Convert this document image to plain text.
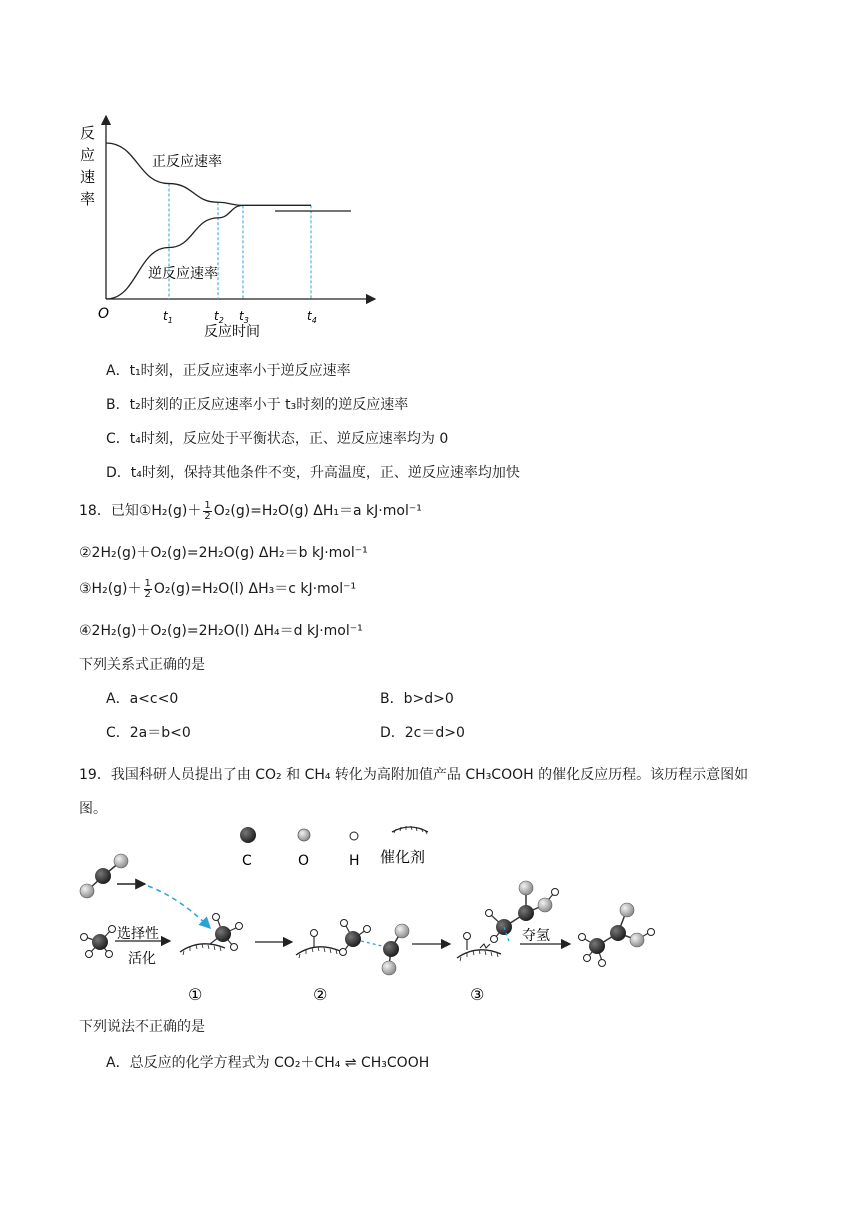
反
应
速
率
O
正反应速率
逆反应速率
$t_1$	$t_2$ $t_3$	$t_4$
反应时间
A．t₁时刻，正反应速率小于逆反应速率
B．t₂时刻的正反应速率小于 t₃时刻的逆反应速率
C．t₄时刻，反应处于平衡状态，正、逆反应速率均为 0
D．t₄时刻，保持其他条件不变，升高温度，正、逆反应速率均加快
18．已知①H₂(g)＋ $\frac{1}{2} O_2(g)=H_2O(g)$ ΔH₁＝a kJ·mol⁻¹
②2H₂(g)＋O₂(g)=2H₂O(g) ΔH₂＝b kJ·mol⁻¹
③H₂(g)＋ $\frac{1}{2} O_2(g)=H_2O(l)$ ΔH₃＝c kJ·mol⁻¹
④2H₂(g)＋O₂(g)=2H₂O(l) ΔH₄＝d kJ·mol⁻¹
下列关系式正确的是
A．a<c<0	B．b>d>0
C．2a＝b<0	D．2c＝d>0
19．我国科研人员提出了由 CO₂ 和 CH₄ 转化为高附加值产品 CH₃COOH 的催化反应历程。该历程示意图如
图。
C	O	H 催化剂
选择性
活化
夺氢
①	②	③
下列说法不正确的是
A．总反应的化学方程式为 CO₂＋CH₄ ⇌ CH₃COOH
